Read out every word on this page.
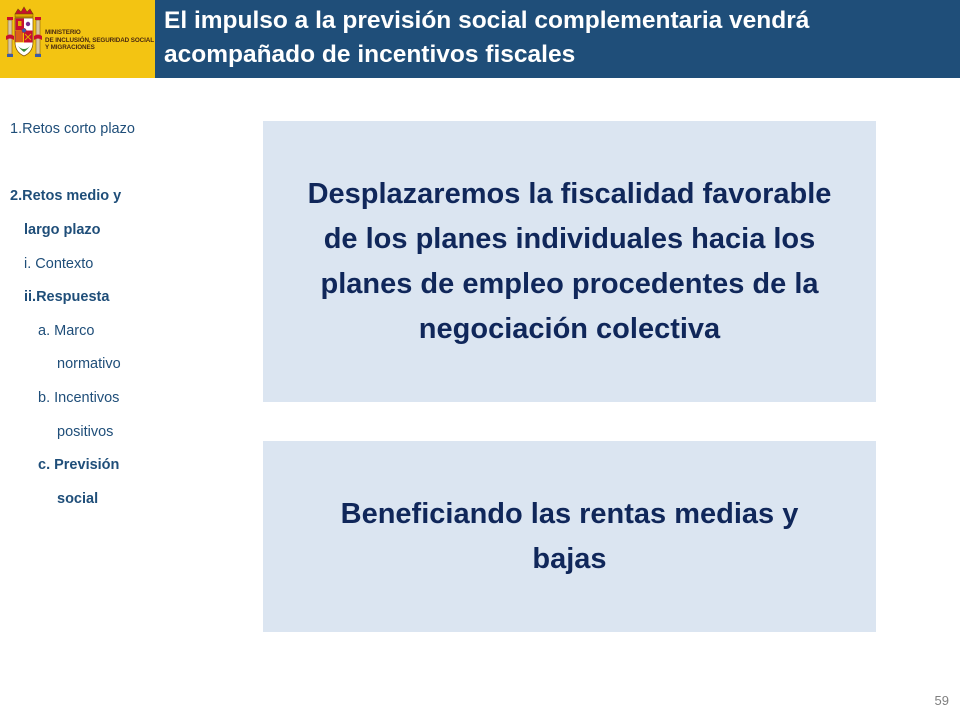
MINISTERIO
DE INCLUSIÓN, SEGURIDAD SOCIAL
Y MIGRACIONES
El impulso a la previsión social complementaria vendrá
acompañado de incentivos fiscales
1.Retos corto plazo
2.Retos medio y
largo plazo
i. Contexto
ii.Respuesta
a. Marco
normativo
b. Incentivos
positivos
c. Previsión
social

Desplazaremos la fiscalidad favorable
de los planes individuales hacia los
planes de empleo procedentes de la
negociación colectiva

Beneficiando las rentas medias y
bajas

59
